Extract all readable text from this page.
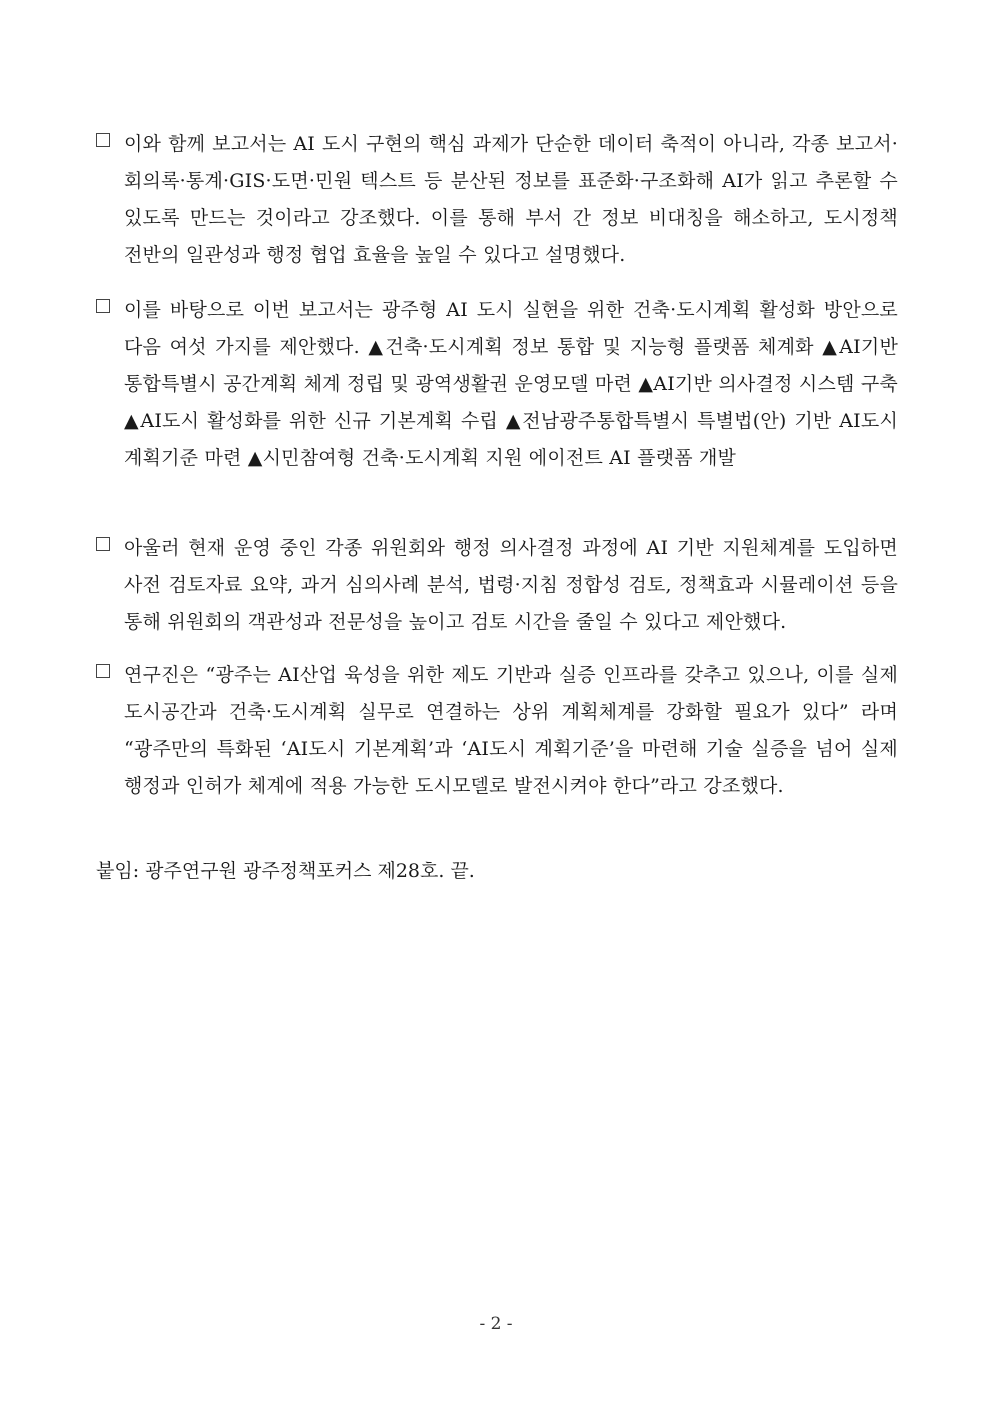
이와 함께 보고서는 AI 도시 구현의 핵심 과제가 단순한 데이터 축적이 아니라, 각종 보고서·회의록·통계·GIS·도면·민원 텍스트 등 분산된 정보를 표준화·구조화해 AI가 읽고 추론할 수 있도록 만드는 것이라고 강조했다. 이를 통해 부서 간 정보 비대칭을 해소하고, 도시정책 전반의 일관성과 행정 협업 효율을 높일 수 있다고 설명했다.
이를 바탕으로 이번 보고서는 광주형 AI 도시 실현을 위한 건축·도시계획 활성화 방안으로 다음 여섯 가지를 제안했다. ▲건축·도시계획 정보 통합 및 지능형 플랫폼 체계화 ▲AI기반 통합특별시 공간계획 체계 정립 및 광역생활권 운영모델 마련 ▲AI기반 의사결정 시스템 구축 ▲AI도시 활성화를 위한 신규 기본계획 수립 ▲전남광주통합특별시 특별법(안) 기반 AI도시 계획기준 마련 ▲시민참여형 건축·도시계획 지원 에이전트 AI 플랫폼 개발
아울러 현재 운영 중인 각종 위원회와 행정 의사결정 과정에 AI 기반 지원체계를 도입하면 사전 검토자료 요약, 과거 심의사례 분석, 법령·지침 정합성 검토, 정책효과 시뮬레이션 등을 통해 위원회의 객관성과 전문성을 높이고 검토 시간을 줄일 수 있다고 제안했다.
연구진은 “광주는 AI산업 육성을 위한 제도 기반과 실증 인프라를 갖추고 있으나, 이를 실제 도시공간과 건축·도시계획 실무로 연결하는 상위 계획체계를 강화할 필요가 있다” 라며 “광주만의 특화된 ‘AI도시 기본계획’과 ‘AI도시 계획기준’을 마련해 기술 실증을 넘어 실제 행정과 인허가 체계에 적용 가능한 도시모델로 발전시켜야 한다”라고 강조했다.
붙임: 광주연구원 광주정책포커스 제28호. 끝.
- 2 -
